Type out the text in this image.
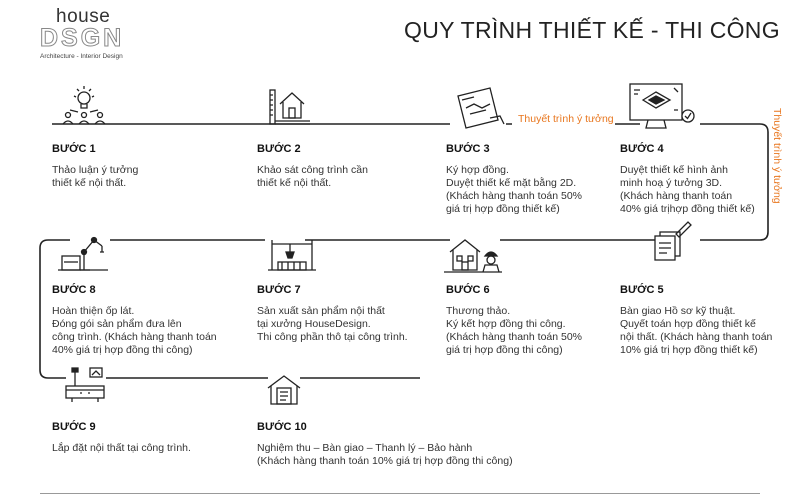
house
DSGN
Architecture - Interior Design
QUY TRÌNH THIẾT KẾ - THI CÔNG
Thuyết trình ý tưởng	Thuyết trình ý tưởng
BƯỚC 1
Thảo luận ý tưởng
thiết kế nội thất.
BƯỚC 2
Khảo sát công trình cần
thiết kế nội thất.
BƯỚC 3
Ký hợp đồng.
Duyệt thiết kế mặt bằng 2D.
(Khách hàng thanh toán 50%
giá trị hợp đồng thiết kế)
BƯỚC 4
Duyệt thiết kế hình ảnh
minh hoạ ý tưởng 3D.
(Khách hàng thanh toán
40% giá trịhợp đồng thiết kế)
BƯỚC 5
Bàn giao Hồ sơ kỹ thuật.
Quyết toán hợp đồng thiết kế
nội thất. (Khách hàng thanh toán
10% giá trị hợp đồng thiết kế)
BƯỚC 6
Thương thảo.
Ký kết hợp đồng thi công.
(Khách hàng thanh toán 50%
giá trị hợp đồng thi công)
BƯỚC 7
Sản xuất sản phẩm nội thất
tại xưởng HouseDesign.
Thi công phần thô tại công trình.
BƯỚC 8
Hoàn thiện ốp lát.
Đóng gói sản phẩm đưa lên
công trình. (Khách hàng thanh toán
40% giá trị hợp đồng thi công)
BƯỚC 9
Lắp đặt nội thất tại công trình.
BƯỚC 10
Nghiệm thu – Bàn giao – Thanh lý – Bảo hành
(Khách hàng thanh toán 10% giá trị hợp đồng thi công)
